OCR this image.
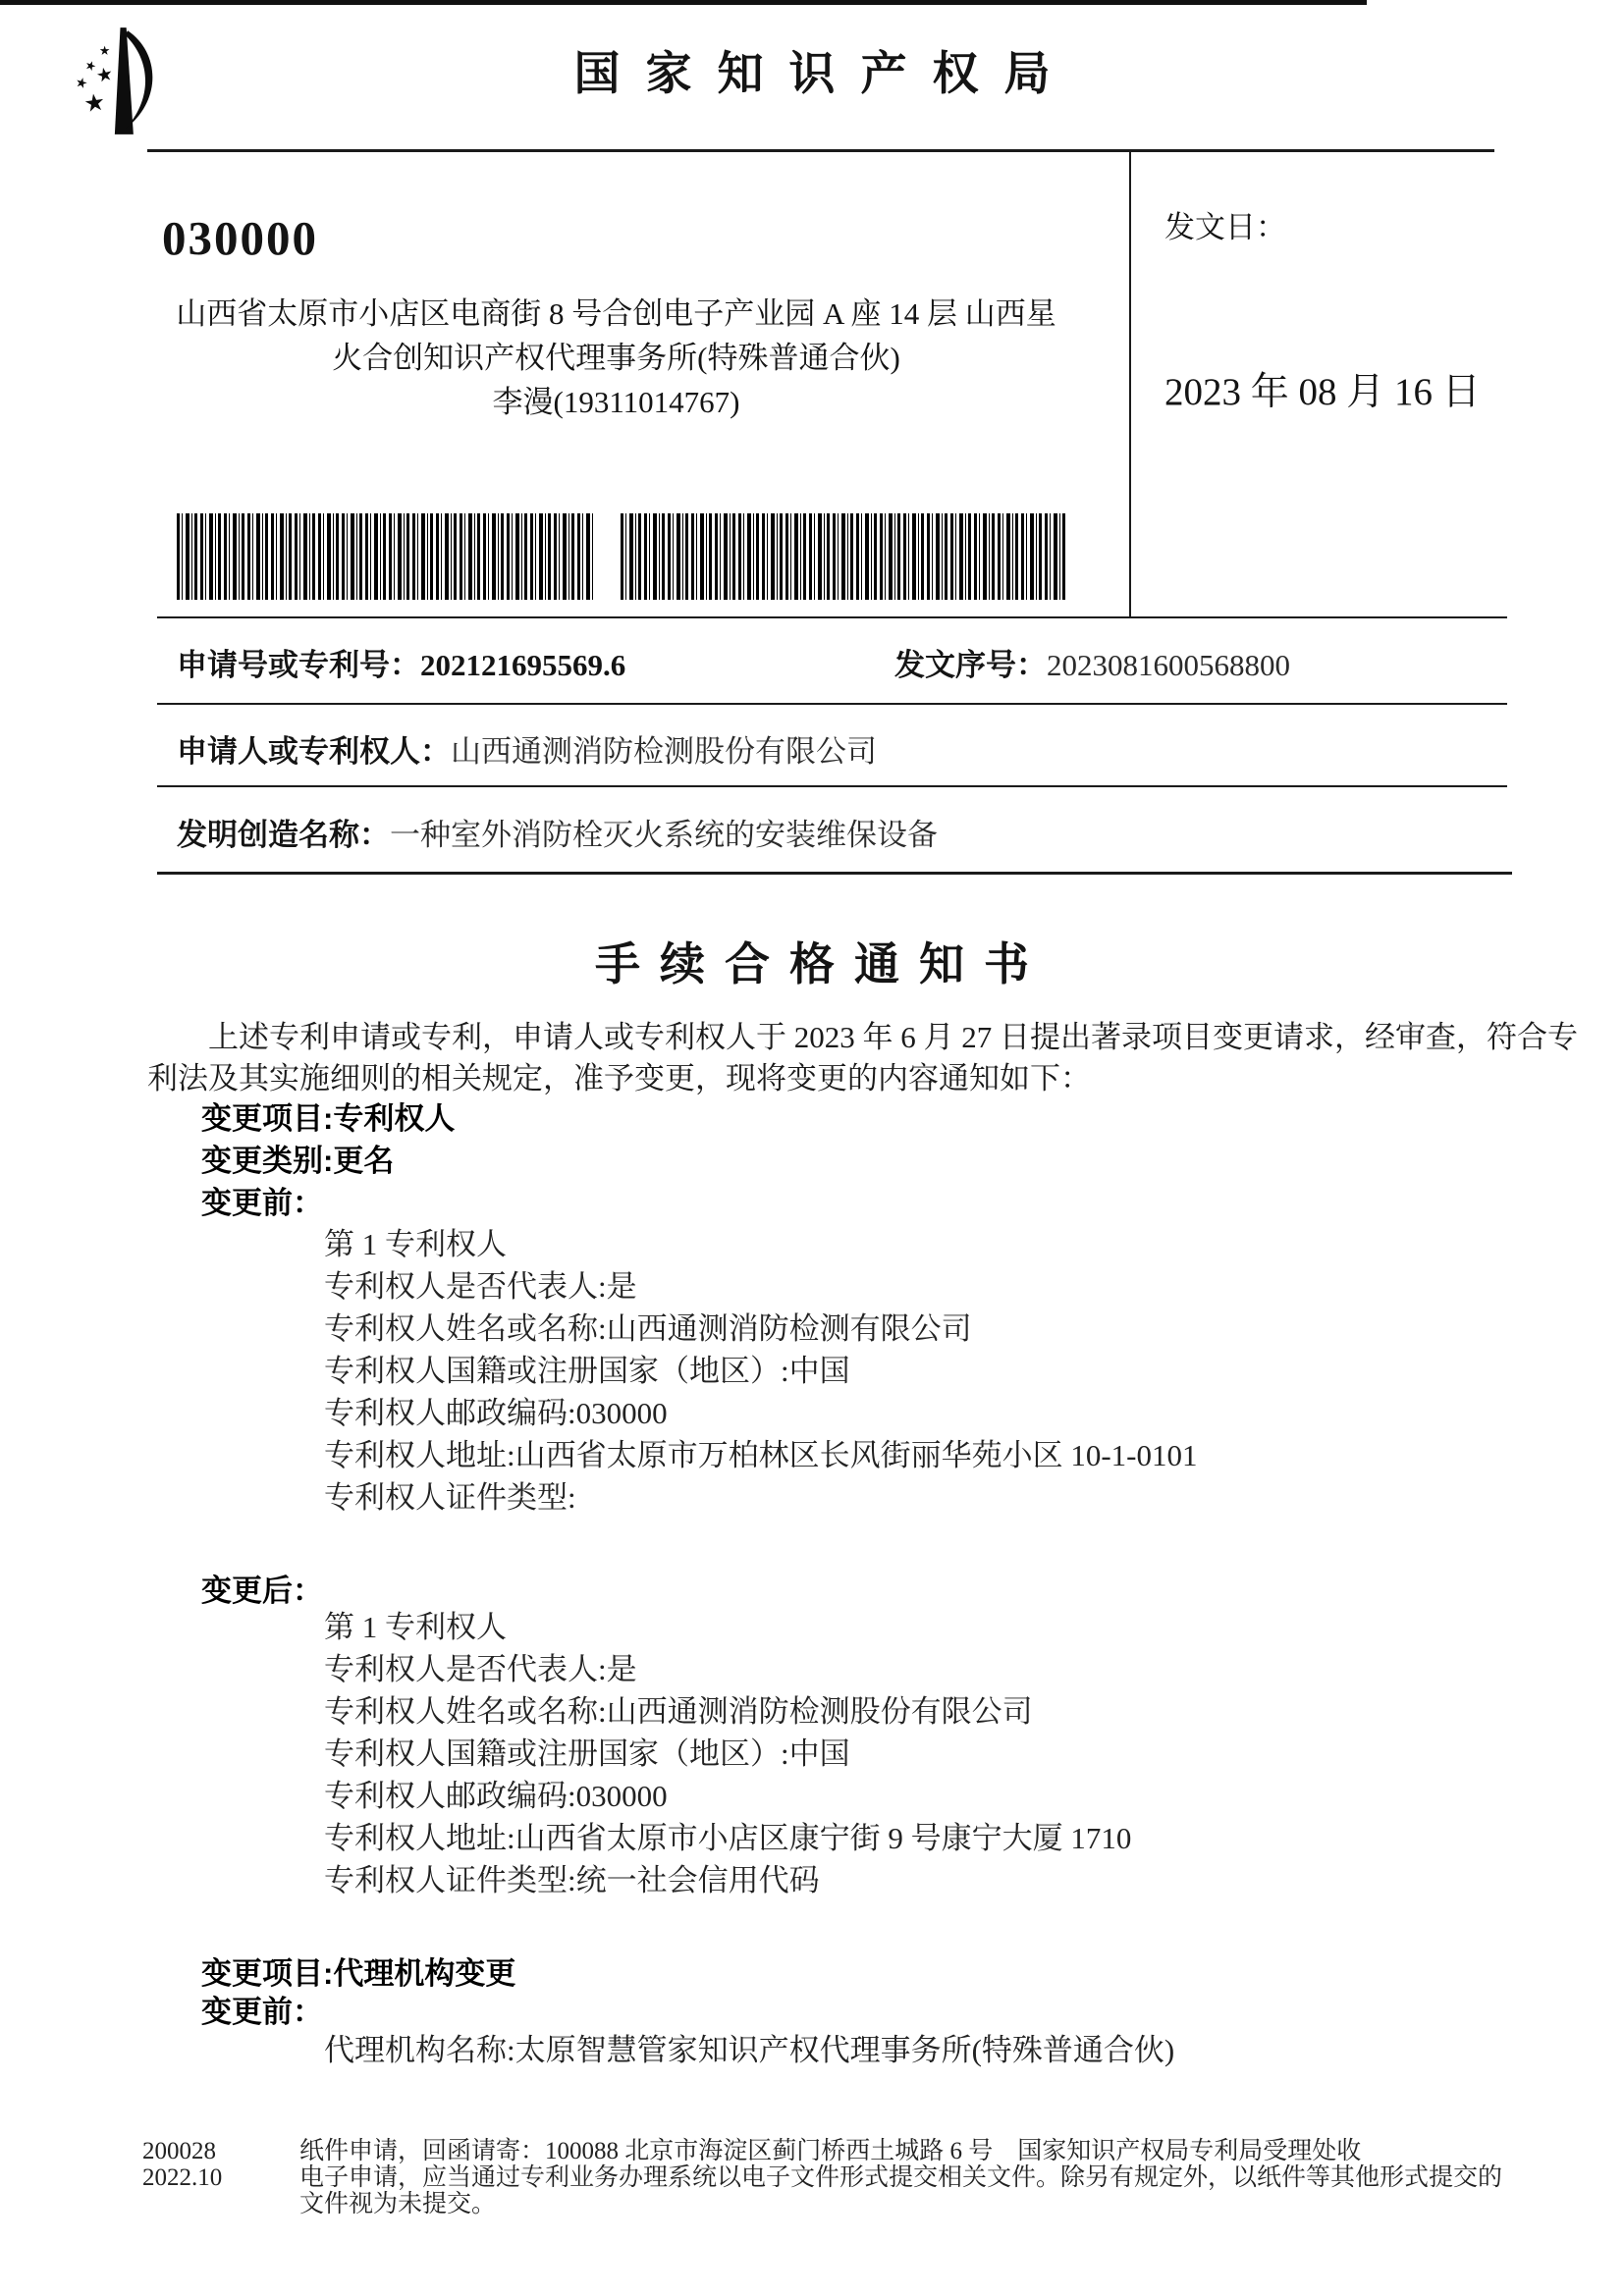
国家知识产权局
030000
山西省太原市小店区电商街 8 号合创电子产业园 A 座 14 层 山西星
火合创知识产权代理事务所(特殊普通合伙)
李漫(19311014767)
发文日：
2023 年 08 月 16 日
申请号或专利号：202121695569.6	发文序号：2023081600568800
申请人或专利权人：山西通测消防检测股份有限公司
发明创造名称：一种室外消防栓灭火系统的安装维保设备
手续合格通知书
上述专利申请或专利，申请人或专利权人于 2023 年 6 月 27 日提出著录项目变更请求，经审查，符合专
利法及其实施细则的相关规定，准予变更，现将变更的内容通知如下：
变更项目:专利权人
变更类别:更名
变更前：
第 1 专利权人
专利权人是否代表人:是
专利权人姓名或名称:山西通测消防检测有限公司
专利权人国籍或注册国家（地区）:中国
专利权人邮政编码:030000
专利权人地址:山西省太原市万柏林区长风街丽华苑小区 10-1-0101
专利权人证件类型:
变更后：
第 1 专利权人
专利权人是否代表人:是
专利权人姓名或名称:山西通测消防检测股份有限公司
专利权人国籍或注册国家（地区）:中国
专利权人邮政编码:030000
专利权人地址:山西省太原市小店区康宁街 9 号康宁大厦 1710
专利权人证件类型:统一社会信用代码
变更项目:代理机构变更
变更前：
代理机构名称:太原智慧管家知识产权代理事务所(特殊普通合伙)
200028
2022.10
纸件申请，回函请寄：100088 北京市海淀区蓟门桥西土城路 6 号　国家知识产权局专利局受理处收
电子申请，应当通过专利业务办理系统以电子文件形式提交相关文件。除另有规定外，以纸件等其他形式提交的
文件视为未提交。
